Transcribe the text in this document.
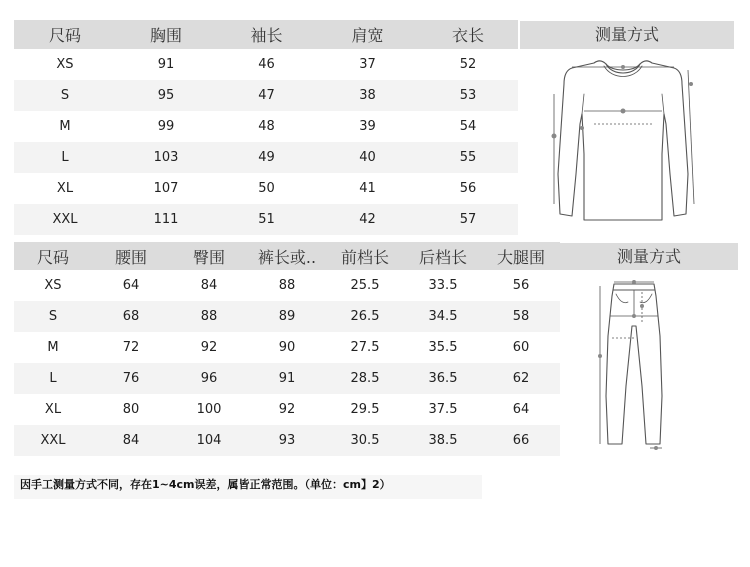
尺码	胸围	袖长	肩宽	衣长
XS	91	46	37	52
S	95	47	38	53
M	99	48	39	54
L	103	49	40	55
XL	107	50	41	56
XXL	111	51	42	57
测量方式
尺码	腰围	臀围	裤长或..	前档长	后档长	大腿围
XS	64	84	88	25.5	33.5	56
S	68	88	89	26.5	34.5	58
M	72	92	90	27.5	35.5	60
L	76	96	91	28.5	36.5	62
XL	80	100	92	29.5	37.5	64
XXL	84	104	93	30.5	38.5	66
测量方式
因手工测量方式不同，存在1~4cm误差，属皆正常范围。（单位：cm】2）
